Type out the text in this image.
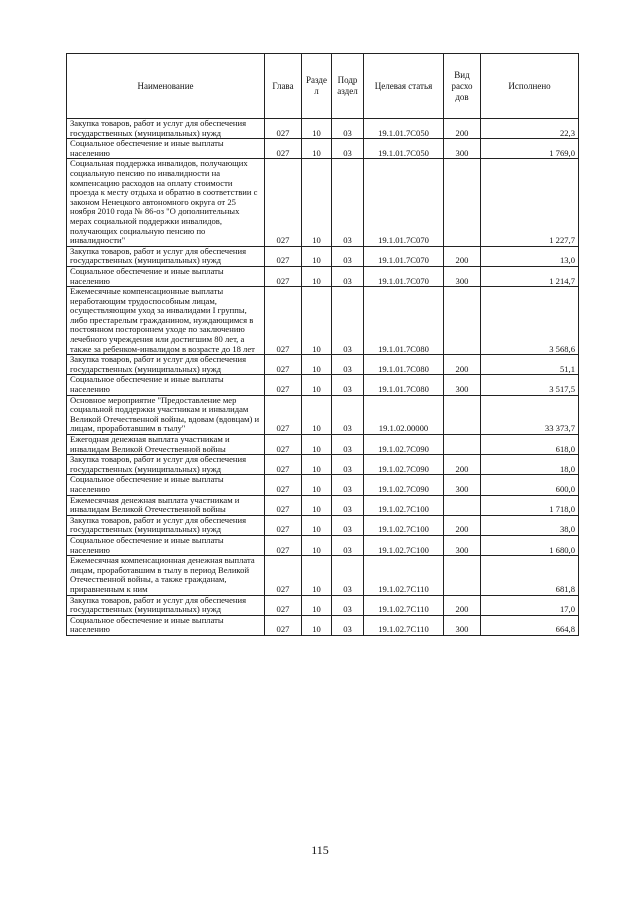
Наименование	Глава	Разде л	Подр аздел	Целевая статья	Вид расхо дов	Исполнено
Закупка товаров, работ и услуг для обеспечения государственных (муниципальных) нужд	027	10	03	19.1.01.7С050	200	22,3
Социальное обеспечение и иные выплаты населению	027	10	03	19.1.01.7С050	300	1 769,0
Социальная поддержка инвалидов, получающих социальную пенсию по инвалидности на компенсацию расходов на оплату стоимости проезда к месту отдыха и обратно в соответствии с законом Ненецкого автономного округа от 25 ноября 2010 года № 86-оз "О дополнительных мерах социальной поддержки инвалидов, получающих социальную пенсию по инвалидности"	027	10	03	19.1.01.7С070		1 227,7
Закупка товаров, работ и услуг для обеспечения государственных (муниципальных) нужд	027	10	03	19.1.01.7С070	200	13,0
Социальное обеспечение и иные выплаты населению	027	10	03	19.1.01.7С070	300	1 214,7
Ежемесячные компенсационные выплаты неработающим трудоспособным лицам, осуществляющим уход за инвалидами I группы, либо престарелым гражданином, нуждающимся в постоянном постороннем уходе по заключению лечебного учреждения или достигшим 80 лет, а также за ребенком-инвалидом в возрасте до 18 лет	027	10	03	19.1.01.7С080		3 568,6
Закупка товаров, работ и услуг для обеспечения государственных (муниципальных) нужд	027	10	03	19.1.01.7С080	200	51,1
Социальное обеспечение и иные выплаты населению	027	10	03	19.1.01.7С080	300	3 517,5
Основное мероприятие "Предоставление мер социальной поддержки участникам и инвалидам Великой Отечественной войны, вдовам (вдовцам) и лицам, проработавшим в тылу"	027	10	03	19.1.02.00000		33 373,7
Ежегодная денежная выплата участникам и инвалидам Великой Отечественной войны	027	10	03	19.1.02.7С090		618,0
Закупка товаров, работ и услуг для обеспечения государственных (муниципальных) нужд	027	10	03	19.1.02.7С090	200	18,0
Социальное обеспечение и иные выплаты населению	027	10	03	19.1.02.7С090	300	600,0
Ежемесячная денежная выплата участникам и инвалидам Великой Отечественной войны	027	10	03	19.1.02.7С100		1 718,0
Закупка товаров, работ и услуг для обеспечения государственных (муниципальных) нужд	027	10	03	19.1.02.7С100	200	38,0
Социальное обеспечение и иные выплаты населению	027	10	03	19.1.02.7С100	300	1 680,0
Ежемесячная компенсационная денежная выплата лицам, проработавшим в тылу в период Великой Отечественной войны, а также гражданам, приравненным к ним	027	10	03	19.1.02.7С110		681,8
Закупка товаров, работ и услуг для обеспечения государственных (муниципальных) нужд	027	10	03	19.1.02.7С110	200	17,0
Социальное обеспечение и иные выплаты населению	027	10	03	19.1.02.7С110	300	664,8
115
